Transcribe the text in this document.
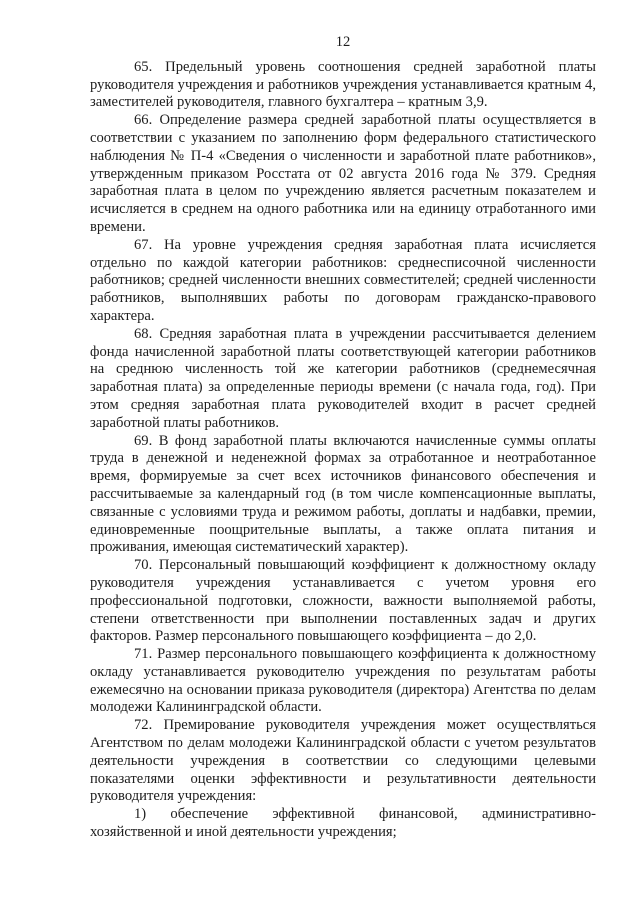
12

65. Предельный уровень соотношения средней заработной платы руководителя учреждения и работников учреждения устанавливается кратным 4, заместителей руководителя, главного бухгалтера – кратным 3,9.

66. Определение размера средней заработной платы осуществляется в соответствии с указанием по заполнению форм федерального статистического наблюдения № П-4 «Сведения о численности и заработной плате работников», утвержденным приказом Росстата от 02 августа 2016 года № 379. Средняя заработная плата в целом по учреждению является расчетным показателем и исчисляется в среднем на одного работника или на единицу отработанного ими времени.

67. На уровне учреждения средняя заработная плата исчисляется отдельно по каждой категории работников: среднесписочной численности работников; средней численности внешних совместителей; средней численности работников, выполнявших работы по договорам гражданско-правового характера.

68. Средняя заработная плата в учреждении рассчитывается делением фонда начисленной заработной платы соответствующей категории работников на среднюю численность той же категории работников (среднемесячная заработная плата) за определенные периоды времени (с начала года, год). При этом средняя заработная плата руководителей входит в расчет средней заработной платы работников.

69. В фонд заработной платы включаются начисленные суммы оплаты труда в денежной и неденежной формах за отработанное и неотработанное время, формируемые за счет всех источников финансового обеспечения и рассчитываемые за календарный год (в том числе компенсационные выплаты, связанные с условиями труда и режимом работы, доплаты и надбавки, премии, единовременные поощрительные выплаты, а также оплата питания и проживания, имеющая систематический характер).

70. Персональный повышающий коэффициент к должностному окладу руководителя учреждения устанавливается с учетом уровня его профессиональной подготовки, сложности, важности выполняемой работы, степени ответственности при выполнении поставленных задач и других факторов. Размер персонального повышающего коэффициента – до 2,0.

71. Размер персонального повышающего коэффициента к должностному окладу устанавливается руководителю учреждения по результатам работы ежемесячно на основании приказа руководителя (директора) Агентства по делам молодежи Калининградской области.

72. Премирование руководителя учреждения может осуществляться Агентством по делам молодежи Калининградской области с учетом результатов деятельности учреждения в соответствии со следующими целевыми показателями оценки эффективности и результативности деятельности руководителя учреждения:

1) обеспечение эффективной финансовой, административно-хозяйственной и иной деятельности учреждения;
